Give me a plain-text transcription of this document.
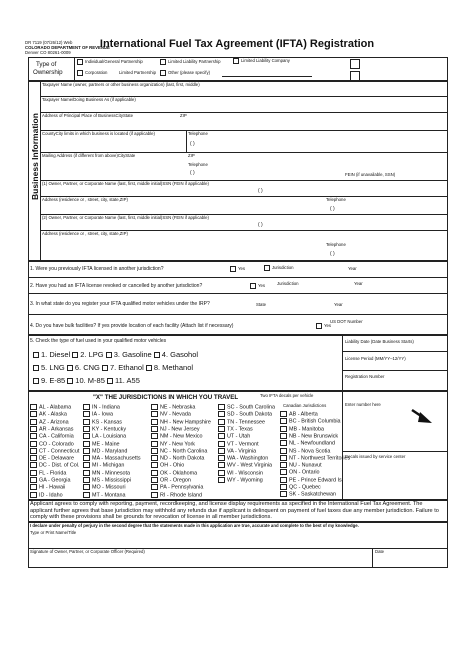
DR 7119 (07/26/12) Web
COLORADO DEPARTMENT OF REVENUE
Denver CO 80261-0009
International Fuel Tax Agreement (IFTA) Registration
Type of
Ownership
Individual/General Partnership	Limited Liability Partnership	Limited Liability Company
Corporation	Limited Partnership	Other (please specify)
Business Information
Taxpayer Name (owner, partners or other business organization) (last, first, middle)
Taxpayer Name/Doing Business As (if applicable)
Address of Principal Place of BusinessCityState	ZIP
CountyCity limits in which business is located (if applicable)	Telephone
( )
Mailing Address (if different from above)CityState	ZIP
Telephone
( )	FEIN (if unavailable, SSN)
(1) Owner, Partner, or Corporate Name (last, first, middle initial)SSN (FEIN if applicable)
( )
Address (residence or , street, city, state,ZIP)	Telephone
( )
(2) Owner, Partner, or Corporate Name (last, first, middle initial)SSN (FEIN if applicable)
( )
Address (residence or , street, city, state,ZIP)
Telephone
( )
1. Were you previously IFTA licensed in another jurisdiction?	Yes	Jurisdiction	Year
2. Have you had an IFTA license revoked or cancelled by another jurisdiction?	Yes	Jurisdiction	Year
3. In what state do you register your IFTA qualified motor vehicles under the IRP?	State	Year
4. Do you have bulk facilities? If yes provide location of each facility (Attach list if necessary)	Yes
US DOT Number
5. Check the type of fuel used in your qualified motor vehicles
1. Diesel 2. LPG 3. Gasoline 4. Gasohol
5. LNG 6. CNG 7. Ethanol 8. Methanol
9. E-85 10. M-85 11. A55
Liability Date (Date Business Starts)
License Period (MM/YY–12/YY)
Registration Number
"X" THE JURISDICTIONS IN WHICH YOU TRAVEL	Two IFTA decals per vehicle
Canadian Jurisdictions	Enter number here
Decals issued by service center
AL - Alabama
AK - Alaska
AZ - Arizona
AR - Arkansas
CA - California
CO - Colorado
CT - Connecticut
DE - Delaware
DC - Dist. of Col.
FL - Florida
GA - Georgia
HI - Hawaii
ID - Idaho
IN - Indiana
IA - Iowa
KS - Kansas
KY - Kentucky
LA - Louisiana
ME - Maine
MD - Maryland
MA - Massachusetts
MI - Michigan
MN - Minnesota
MS - Mississippi
MO - Missouri
MT - Montana
NE - Nebraska
NV - Nevada
NH - New Hampshire
NJ - New Jersey
NM - New Mexico
NY - New York
NC - North Carolina
ND - North Dakota
OH - Ohio
OK - Oklahoma
OR - Oregon
PA - Pennsylvania
RI - Rhode Island
SC - South Carolina
SD - South Dakota
TN - Tennessee
TX - Texas
UT - Utah
VT - Vermont
VA - Virginia
WA - Washington
WV - West Virginia
WI - Wisconsin
WY - Wyoming
AB - Alberta
BC - British Columbia
MB - Manitoba
NB - New Brunswick
NL - Newfoundland
NS - Nova Scotia
NT - Northwest Territories
NU - Nunavut
ON - Ontario
PE - Prince Edward Is.
QC - Quebec
SK - Saskatchewan
Applicant agrees to comply with reporting, payment, recordkeeping, and license display requirements as specified in the International Fuel Tax Agreement. The applicant further agrees that base jurisdiction may withhold any refunds due if applicant is delinquent on payment of fuel taxes due any member jurisdiction. Failure to comply with these provisions shall be grounds for revocation of license in all member jurisdictions.
I declare under penalty of perjury in the second degree that the statements made in this application are true, accurate and complete to the best of my knowledge.
Type or Print Name/Title
Signature of Owner, Partner, or Corporate Officer (Required)	Date
